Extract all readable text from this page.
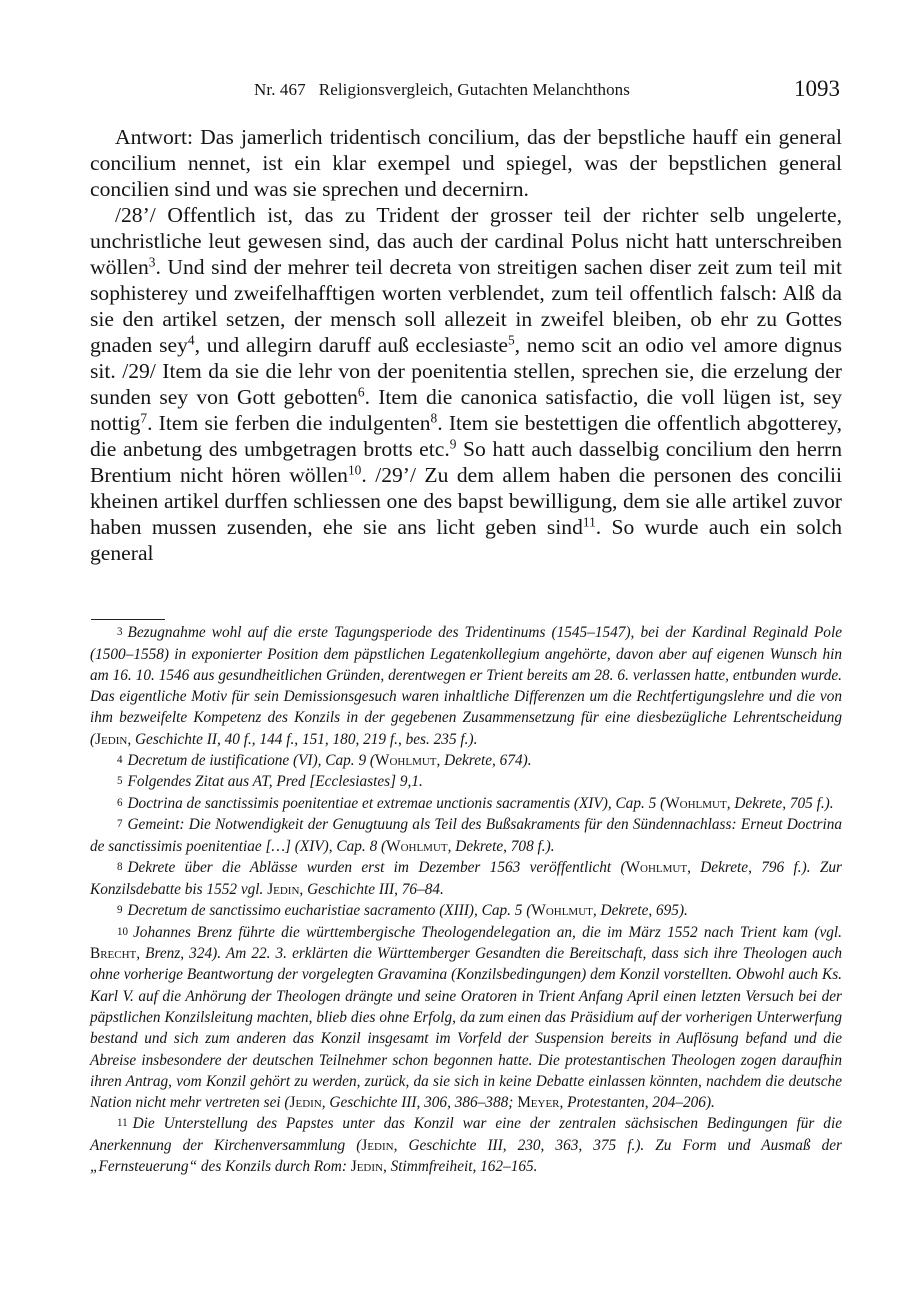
Nr. 467   Religionsvergleich, Gutachten Melanchthons	1093

Antwort: Das jamerlich tridentisch concilium, das der bepstliche hauff ein general concilium nennet, ist ein klar exempel und spiegel, was der bepstlichen general concilien sind und was sie sprechen und decernirn.

/28’/ Offentlich ist, das zu Trident der grosser teil der richter selb ungelerte, unchristliche leut gewesen sind, das auch der cardinal Polus nicht hatt unterschreiben wöllen$^3$. Und sind der mehrer teil decreta von streitigen sachen diser zeit zum teil mit sophisterey und zweifelhafftigen worten verblendet, zum teil offentlich falsch: Alß da sie den artikel setzen, der mensch soll allezeit in zweifel bleiben, ob ehr zu Gottes gnaden sey$^4$, und allegirn daruff auß ecclesiaste$^5$, nemo scit an odio vel amore dignus sit. /29/ Item da sie die lehr von der poenitentia stellen, sprechen sie, die erzelung der sunden sey von Gott gebotten$^6$. Item die canonica satisfactio, die voll lügen ist, sey nottig$^7$. Item sie ferben die indulgenten$^8$. Item sie bestettigen die offentlich abgotterey, die anbetung des umbgetragen brotts etc.$^9$ So hatt auch dasselbig concilium den herrn Brentium nicht hören wöllen$^{10}$. /29’/ Zu dem allem haben die personen des concilii kheinen artikel durffen schliessen one des bapst bewilligung, dem sie alle artikel zuvor haben mussen zusenden, ehe sie ans licht geben sind$^{11}$. So wurde auch ein solch general

3 Bezugnahme wohl auf die erste Tagungsperiode des Tridentinums (1545–1547), bei der Kardinal Reginald Pole (1500–1558) in exponierter Position dem päpstlichen Legatenkollegium angehörte, davon aber auf eigenen Wunsch hin am 16. 10. 1546 aus gesundheitlichen Gründen, derentwegen er Trient bereits am 28. 6. verlassen hatte, entbunden wurde. Das eigentliche Motiv für sein Demissionsgesuch waren inhaltliche Differenzen um die Rechtfertigungslehre und die von ihm bezweifelte Kompetenz des Konzils in der gegebenen Zusammensetzung für eine diesbezügliche Lehrentscheidung (Jedin, Geschichte II, 40 f., 144 f., 151, 180, 219 f., bes. 235 f.).

4 Decretum de iustificatione (VI), Cap. 9 (Wohlmut, Dekrete, 674).

5 Folgendes Zitat aus AT, Pred [Ecclesiastes] 9,1.

6 Doctrina de sanctissimis poenitentiae et extremae unctionis sacramentis (XIV), Cap. 5 (Wohlmut, Dekrete, 705 f.).

7 Gemeint: Die Notwendigkeit der Genugtuung als Teil des Bußsakraments für den Sündennachlass: Erneut Doctrina de sanctissimis poenitentiae […] (XIV), Cap. 8 (Wohlmut, Dekrete, 708 f.).

8 Dekrete über die Ablässe wurden erst im Dezember 1563 veröffentlicht (Wohlmut, Dekrete, 796 f.). Zur Konzilsdebatte bis 1552 vgl. Jedin, Geschichte III, 76–84.

9 Decretum de sanctissimo eucharistiae sacramento (XIII), Cap. 5 (Wohlmut, Dekrete, 695).

10 Johannes Brenz führte die württembergische Theologendelegation an, die im März 1552 nach Trient kam (vgl. Brecht, Brenz, 324). Am 22. 3. erklärten die Württemberger Gesandten die Bereitschaft, dass sich ihre Theologen auch ohne vorherige Beantwortung der vorgelegten Gravamina (Konzilsbedingungen) dem Konzil vorstellten. Obwohl auch Ks. Karl V. auf die Anhörung der Theologen drängte und seine Oratoren in Trient Anfang April einen letzten Versuch bei der päpstlichen Konzilsleitung machten, blieb dies ohne Erfolg, da zum einen das Präsidium auf der vorherigen Unterwerfung bestand und sich zum anderen das Konzil insgesamt im Vorfeld der Suspension bereits in Auflösung befand und die Abreise insbesondere der deutschen Teilnehmer schon begonnen hatte. Die protestantischen Theologen zogen daraufhin ihren Antrag, vom Konzil gehört zu werden, zurück, da sie sich in keine Debatte einlassen könnten, nachdem die deutsche Nation nicht mehr vertreten sei (Jedin, Geschichte III, 306, 386–388; Meyer, Protestanten, 204–206).

11 Die Unterstellung des Papstes unter das Konzil war eine der zentralen sächsischen Bedingungen für die Anerkennung der Kirchenversammlung (Jedin, Geschichte III, 230, 363, 375 f.). Zu Form und Ausmaß der „Fernsteuerung“ des Konzils durch Rom: Jedin, Stimmfreiheit, 162–165.
